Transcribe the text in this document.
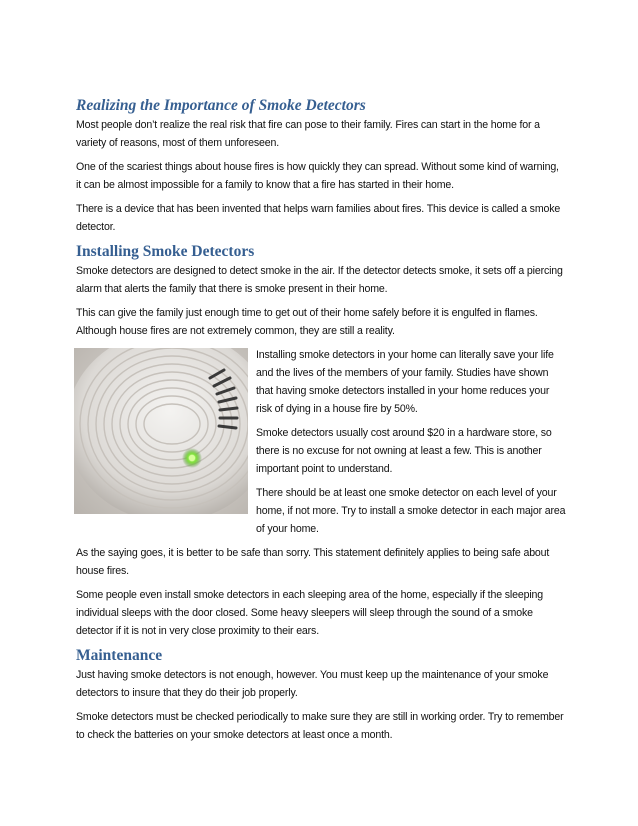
Realizing the Importance of Smoke Detectors

Most people don’t realize the real risk that fire can pose to their family. Fires can start in the home for a variety of reasons, most of them unforeseen.

One of the scariest things about house fires is how quickly they can spread. Without some kind of warning, it can be almost impossible for a family to know that a fire has started in their home.

There is a device that has been invented that helps warn families about fires. This device is called a smoke detector.

Installing Smoke Detectors

Smoke detectors are designed to detect smoke in the air. If the detector detects smoke, it sets off a piercing alarm that alerts the family that there is smoke present in their home.

This can give the family just enough time to get out of their home safely before it is engulfed in flames. Although house fires are not extremely common, they are still a reality.

Installing smoke detectors in your home can literally save your life and the lives of the members of your family. Studies have shown that having smoke detectors installed in your home reduces your risk of dying in a house fire by 50%.

Smoke detectors usually cost around $20 in a hardware store, so there is no excuse for not owning at least a few. This is another important point to understand.

There should be at least one smoke detector on each level of your home, if not more. Try to install a smoke detector in each major area of your home.

As the saying goes, it is better to be safe than sorry. This statement definitely applies to being safe about house fires.

Some people even install smoke detectors in each sleeping area of the home, especially if the sleeping individual sleeps with the door closed. Some heavy sleepers will sleep through the sound of a smoke detector if it is not in very close proximity to their ears.

Maintenance

Just having smoke detectors is not enough, however. You must keep up the maintenance of your smoke detectors to insure that they do their job properly.

Smoke detectors must be checked periodically to make sure they are still in working order. Try to remember to check the batteries on your smoke detectors at least once a month.
